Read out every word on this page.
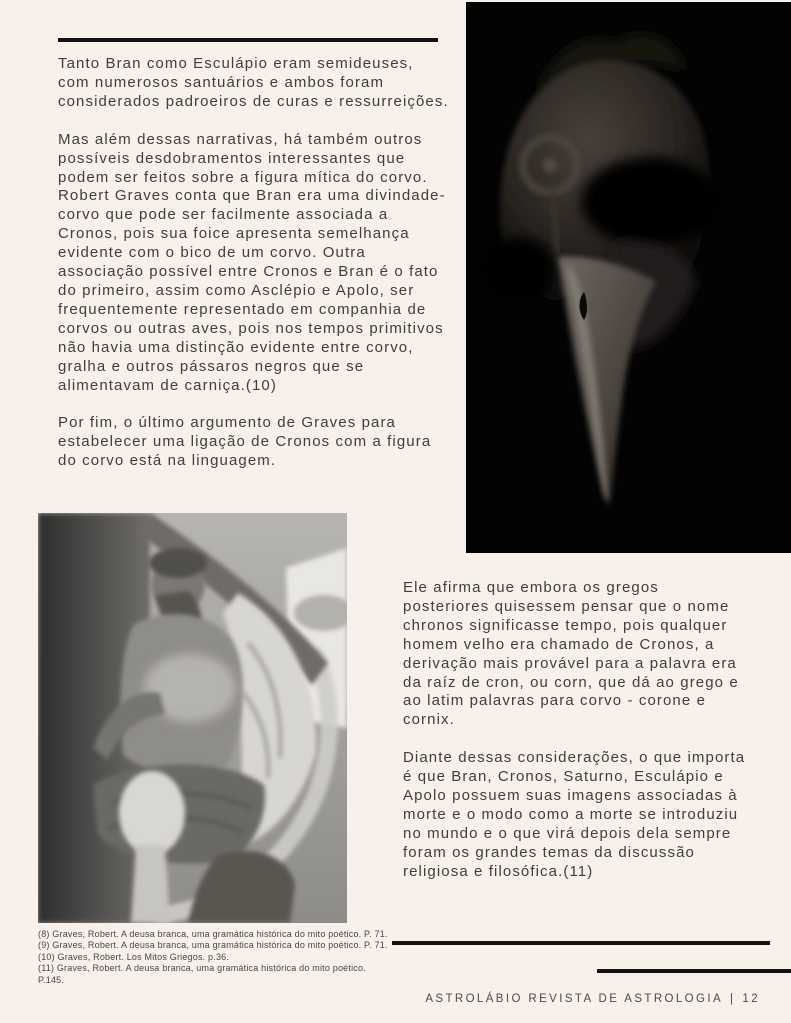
Tanto Bran como Esculápio eram semideuses, com numerosos santuários e ambos foram considerados padroeiros de curas e ressurreições.

Mas além dessas narrativas, há também outros possíveis desdobramentos interessantes que podem ser feitos sobre a figura mítica do corvo. Robert Graves conta que Bran era uma divindade-corvo que pode ser facilmente associada a Cronos, pois sua foice apresenta semelhança evidente com o bico de um corvo. Outra associação possível entre Cronos e Bran é o fato do primeiro, assim como Asclépio e Apolo, ser frequentemente representado em companhia de corvos ou outras aves, pois nos tempos primitivos não havia uma distinção evidente entre corvo, gralha e outros pássaros negros que se alimentavam de carniça.(10)

Por fim, o último argumento de Graves para estabelecer uma ligação de Cronos com a figura do corvo está na linguagem.

Ele afirma que embora os gregos posteriores quisessem pensar que o nome chronos significasse tempo, pois qualquer homem velho era chamado de Cronos, a derivação mais provável para a palavra era da raíz de cron, ou corn, que dá ao grego e ao latim palavras para corvo - corone e cornix.

Diante dessas considerações, o que importa é que Bran, Cronos, Saturno, Esculápio e Apolo possuem suas imagens associadas à morte e o modo como a morte se introduziu no mundo e o que virá depois dela sempre foram os grandes temas da discussão religiosa e filosófica.(11)

(8) Graves, Robert. A deusa branca, uma gramática histórica do mito poético. P. 71.
(9) Graves, Robert. A deusa branca, uma gramática histórica do mito poético. P. 71.
(10) Graves, Robert. Los Mitos Griegos. p.36.
(11) Graves, Robert. A deusa branca, uma gramática histórica do mito poético. P.145.
ASTROLÁBIO REVISTA DE ASTROLOGIA | 12
